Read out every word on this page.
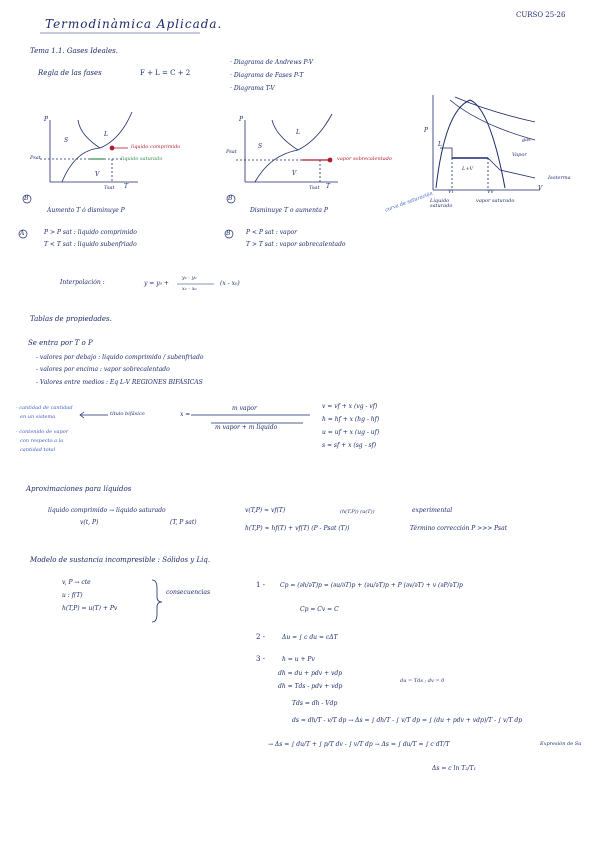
Termodinàmica Aplicada.
CURSO 25-26
Tema 1.1. Gases Ideales.
Regla de las fases	F + L = C + 2
· Diagrama de Andrews P-V
· Diagrama de Fases P-T
· Diagrama T-V
P
T
S
L
V
Psat
Tsat
liquido comprimido
liquido saturado
B
Aumento T ó disminuye P
P
T
S
L
V
Psat
Tsat
vapor sobrecalentado
B
Disminuye T o aumenta P
P
V
L
L+V
gas
Vapor
Isoterma
Vl	Vv
Liquido saturado
vapor saturado
curva de saturación
A	P > P sat : liquido comprimido
T < T sat : liquido subenfriado
B	P < P sat : vapor
T > T sat : vapor sobrecalentado
Interpolación :	y = y₀ +
y₁ - y₀
x₁ - x₀
(x - x₀)
Tablas de propiedades.
Se entra por T o P
- valores por debajo : liquido comprimido / subenfriado
- valores por encima : vapor sobrecalentado
- Valores entre medios : Eq L-V REGIONES BIFÁSICAS
- cantidad de cantidad
en un sistema
- contenido de vapor
con respecto a la
cantidad total
título bifásico	x =
m vapor
m vapor + m líquido
v = vf + x (vg - vf)
h = hf + x (hg - hf)
u = uf + x (ug - uf)
s = sf + x (sg - sf)
Aproximaciones para líquidos
líquido comprimido → líquido saturado
v(t, P)	(T, P sat)
v(T,P) ≈ vf(T)
h(T,P) ≈ hf(T) + vf(T) (P - Psat (T))
(h(T,P)) (u(T))	experimental
Término corrección P >>> Psat
Modelo de sustancia incompresible : Sólidos y Liq.
v, P → cte
u : f(T)
h(T,P) = u(T) + Pv
consecuencias
1 - Cp = (∂h/∂T)p = (∂u/∂T)p + (∂u/∂T)p + P (∂v/∂T) + v (∂P/∂T)p
Cp = Cv = C
2 -	Δu = ∫ c du = cΔT
3 -	h = u + Pv
dh = du + pdv + vdp
dh = Tds - pdv + vdp
du = Tds ; dv = 0
Tds = dh - Vdp
ds = dh/T - v/T dp → Δs = ∫ dh/T - ∫ v/T dp = ∫ (du + pdv + vdp)/T - ∫ v/T dp
→ Δs = ∫ du/T + ∫ p/T dv - ∫ v/T dp → Δs = ∫ du/T = ∫ c dT/T	Expresión de Su
Δs = c ln T₂/T₁
